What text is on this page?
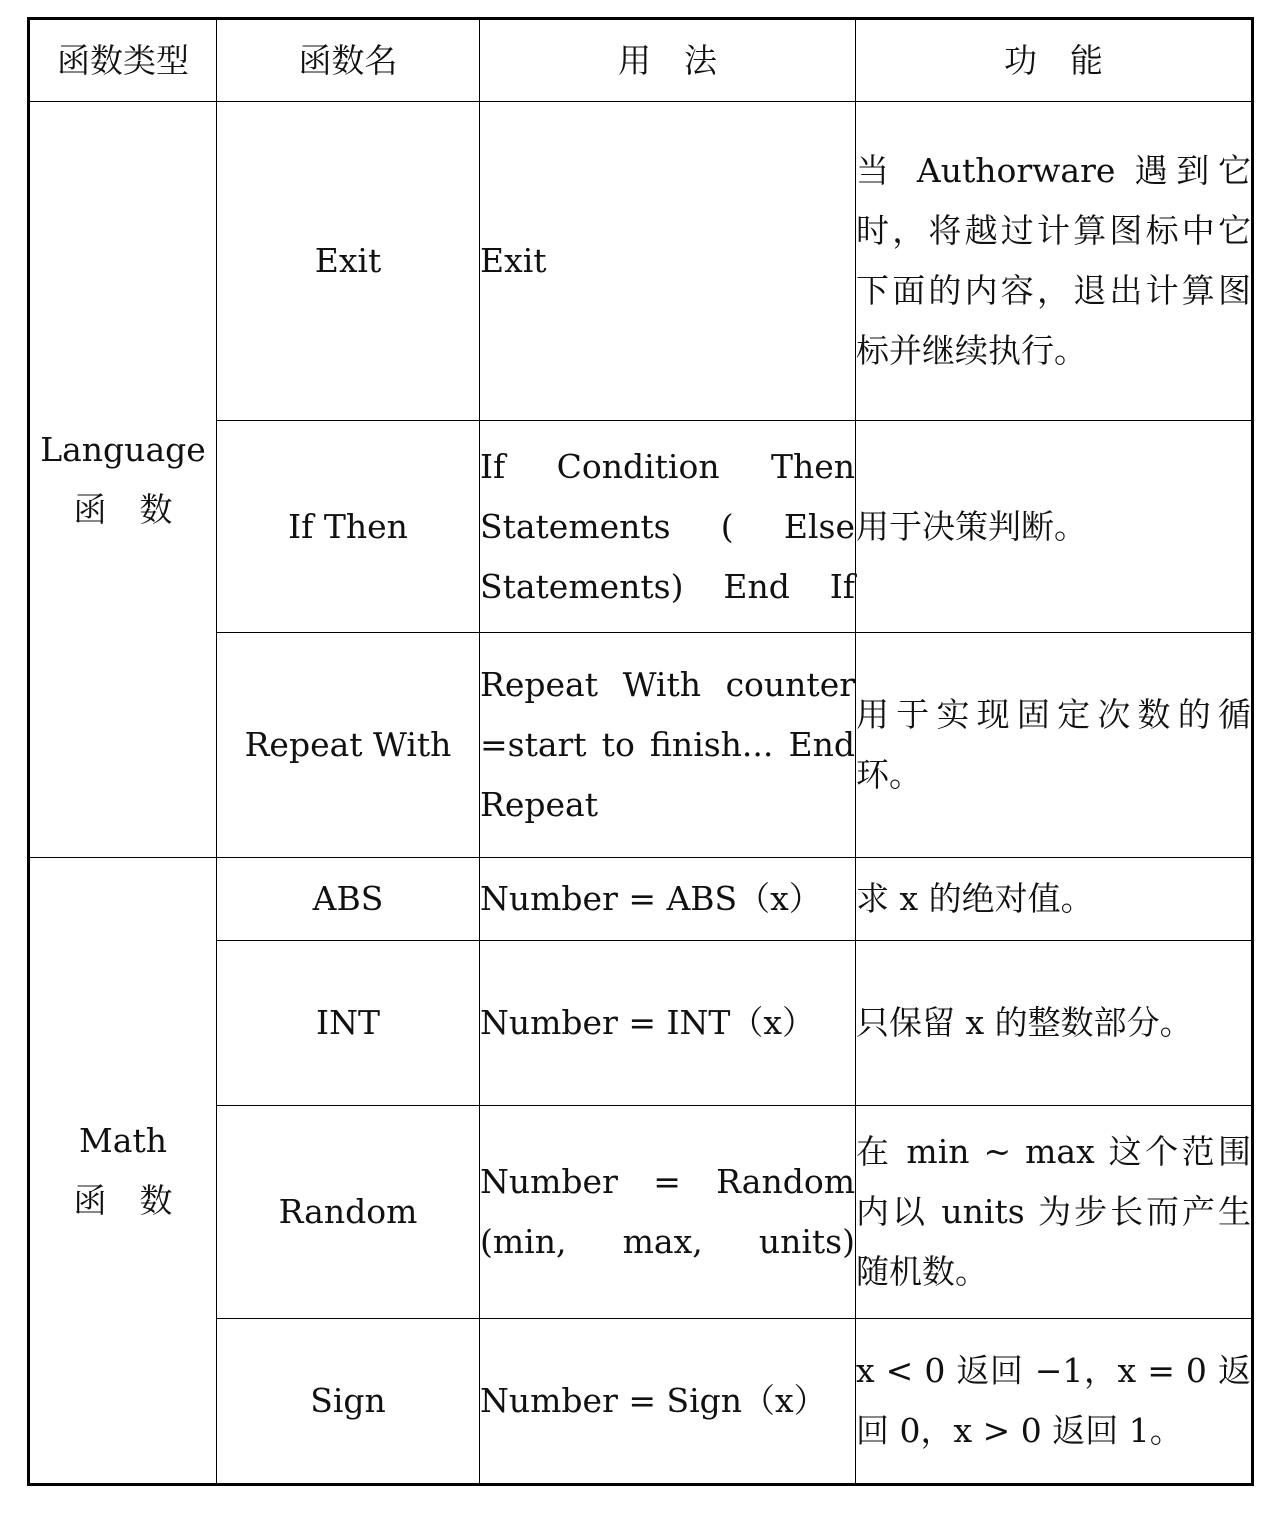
函数类型	函数名	用　法	功　能

Language
函　数	Exit	Exit	当 Authorware 遇到它时，将越过计算图标中它下面的内容，退出计算图标并继续执行。
	If Then	If Condition Then Statements ( Else Statements) End If	用于决策判断。
	Repeat With	Repeat With counter =start to finish... End Repeat	用于实现固定次数的循环。

Math
函　数	ABS	Number = ABS（x）	求 x 的绝对值。
	INT	Number = INT（x）	只保留 x 的整数部分。
	Random	Number = Random (min, max, units)	在 min ~ max 这个范围内以 units 为步长而产生随机数。
	Sign	Number = Sign（x）	x < 0 返回 −1，x = 0 返回 0，x > 0 返回 1。
